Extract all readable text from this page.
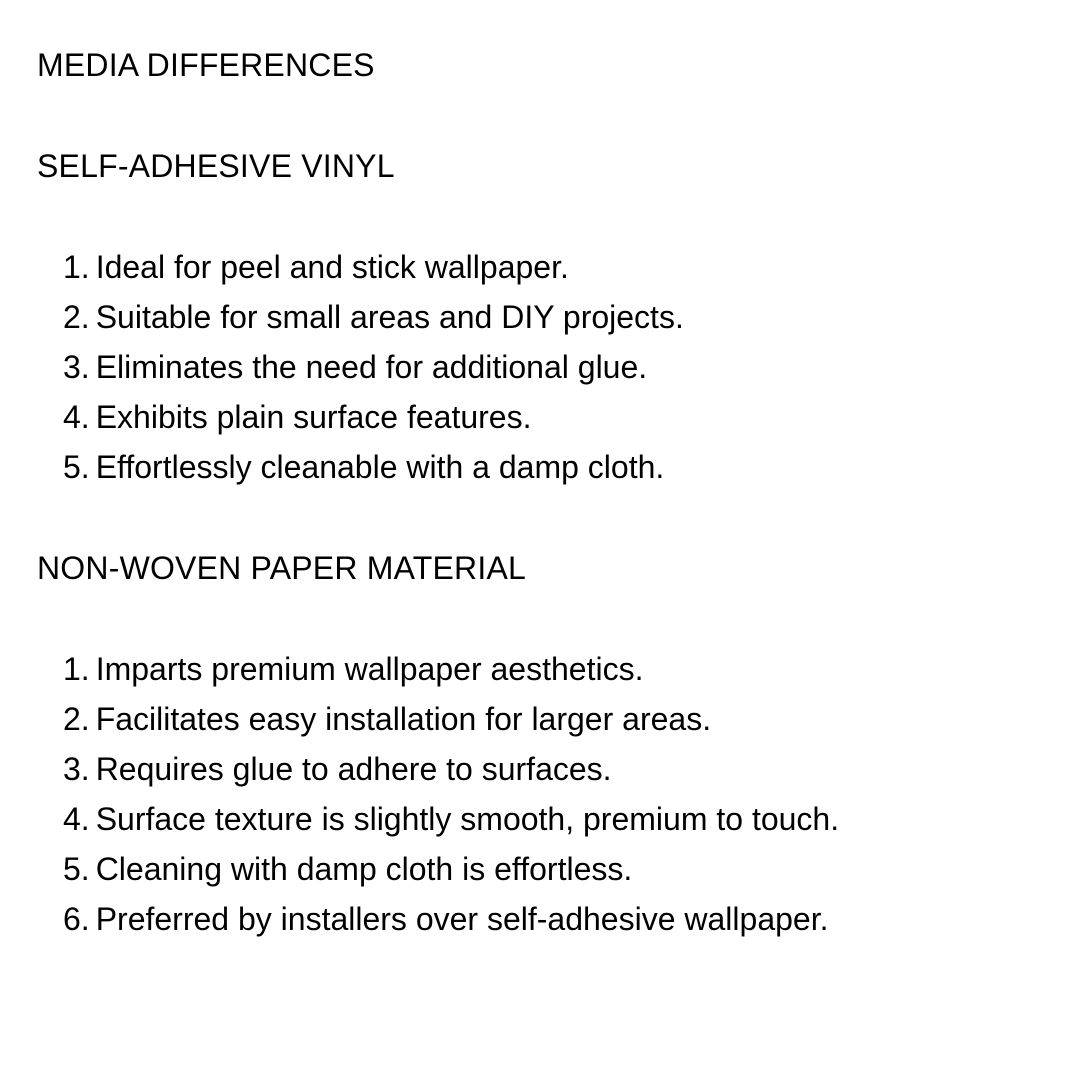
MEDIA DIFFERENCES

SELF-ADHESIVE VINYL

1. Ideal for peel and stick wallpaper.
2. Suitable for small areas and DIY projects.
3. Eliminates the need for additional glue.
4. Exhibits plain surface features.
5. Effortlessly cleanable with a damp cloth.

NON-WOVEN PAPER MATERIAL

1. Imparts premium wallpaper aesthetics.
2. Facilitates easy installation for larger areas.
3. Requires glue to adhere to surfaces.
4. Surface texture is slightly smooth, premium to touch.
5. Cleaning with damp cloth is effortless.
6. Preferred by installers over self-adhesive wallpaper.
